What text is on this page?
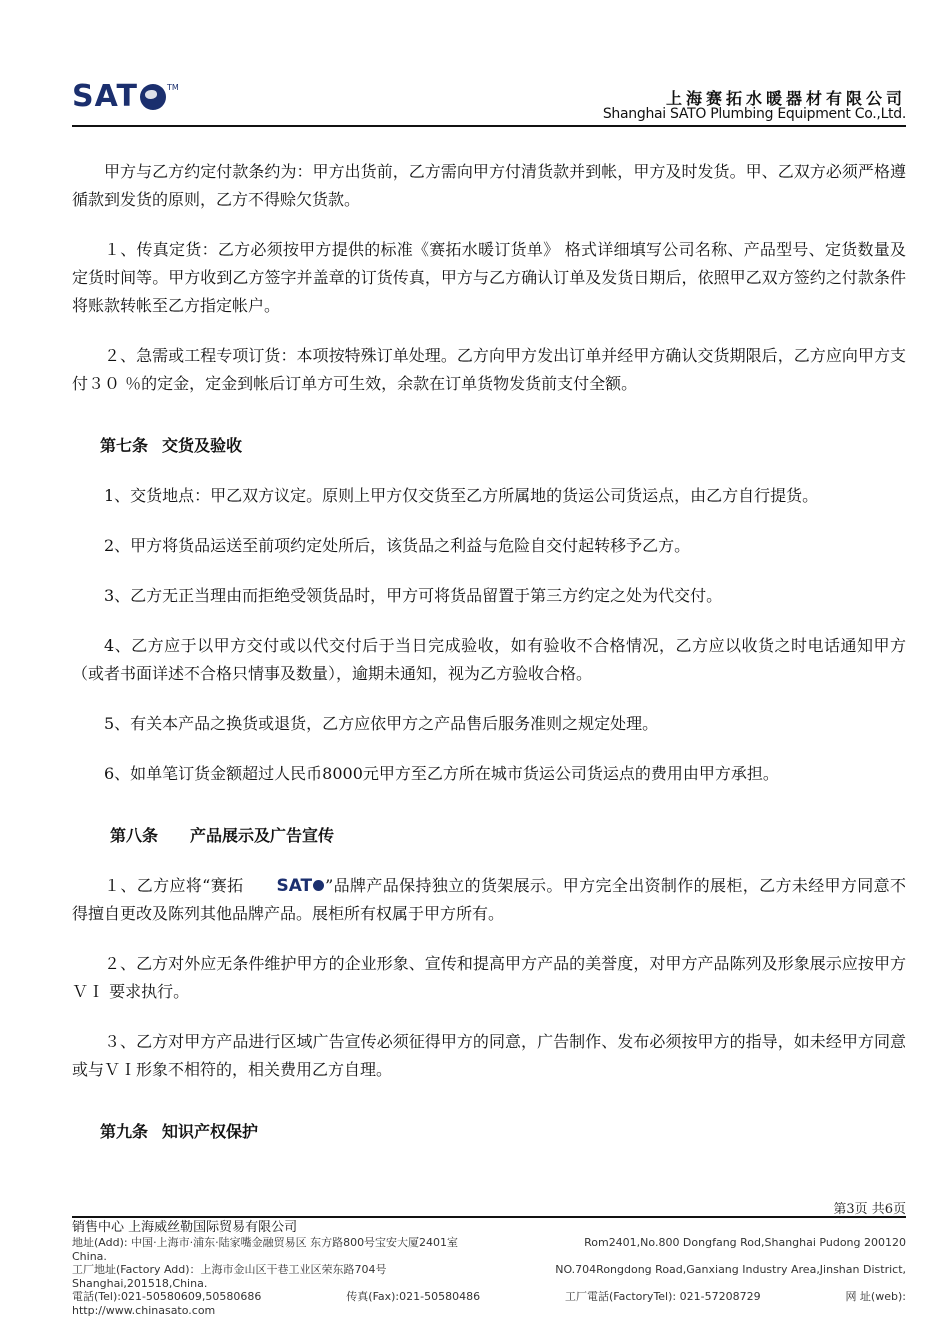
SAT	TM
上海赛拓水暖器材有限公司
Shanghai SATO Plumbing Equipment Co.,Ltd.

甲方与乙方约定付款条约为：甲方出货前，乙方需向甲方付清货款并到帐，甲方及时发货。甲、乙双方必须严格遵循款到发货的原则，乙方不得赊欠货款。

１、传真定货：乙方必须按甲方提供的标准《赛拓水暖订货单》 格式详细填写公司名称、产品型号、定货数量及定货时间等。甲方收到乙方签字并盖章的订货传真，甲方与乙方确认订单及发货日期后，依照甲乙双方签约之付款条件将账款转帐至乙方指定帐户。

２、急需或工程专项订货：本项按特殊订单处理。乙方向甲方发出订单并经甲方确认交货期限后，乙方应向甲方支付３０ ％的定金，定金到帐后订单方可生效，余款在订单货物发货前支付全额。

第七条 交货及验收

1、交货地点：甲乙双方议定。原则上甲方仅交货至乙方所属地的货运公司货运点，由乙方自行提货。

2、甲方将货品运送至前项约定处所后，该货品之利益与危险自交付起转移予乙方。

3、乙方无正当理由而拒绝受领货品时，甲方可将货品留置于第三方约定之处为代交付。

4、乙方应于以甲方交付或以代交付后于当日完成验收，如有验收不合格情况，乙方应以收货之时电话通知甲方（或者书面详述不合格只情事及数量），逾期未通知，视为乙方验收合格。

5、有关本产品之换货或退货，乙方应依甲方之产品售后服务准则之规定处理。

6、如单笔订货金额超过人民币8000元甲方至乙方所在城市货运公司货运点的费用由甲方承担。

第八条 产品展示及广告宣传

１、乙方应将“赛拓 SAT ”品牌产品保持独立的货架展示。甲方完全出资制作的展柜，乙方未经甲方同意不得擅自更改及陈列其他品牌产品。展柜所有权属于甲方所有。

２、乙方对外应无条件维护甲方的企业形象、宣传和提高甲方产品的美誉度，对甲方产品陈列及形象展示应按甲方ＶＩ 要求执行。

３、乙方对甲方产品进行区域广告宣传必须征得甲方的同意，广告制作、发布必须按甲方的指导，如未经甲方同意或与ＶＩ形象不相符的，相关费用乙方自理。

第九条 知识产权保护

第3页 共6页
销售中心 上海威丝勒国际贸易有限公司
地址(Add): 中国·上海市·浦东·陆家嘴金融贸易区 东方路800号宝安大厦2401室	Rom2401,No.800 Dongfang Rod,Shanghai Pudong 200120
China.
工厂地址(Factory Add)：上海市金山区干巷工业区荣东路704号	NO.704Rongdong Road,Ganxiang Industry Area,Jinshan District,
Shanghai,201518,China.
電話(Tel):021-50580609,50580686	传真(Fax):021-50580486	工厂電話(FactoryTel): 021-57208729	网 址(web):
http://www.chinasato.com
